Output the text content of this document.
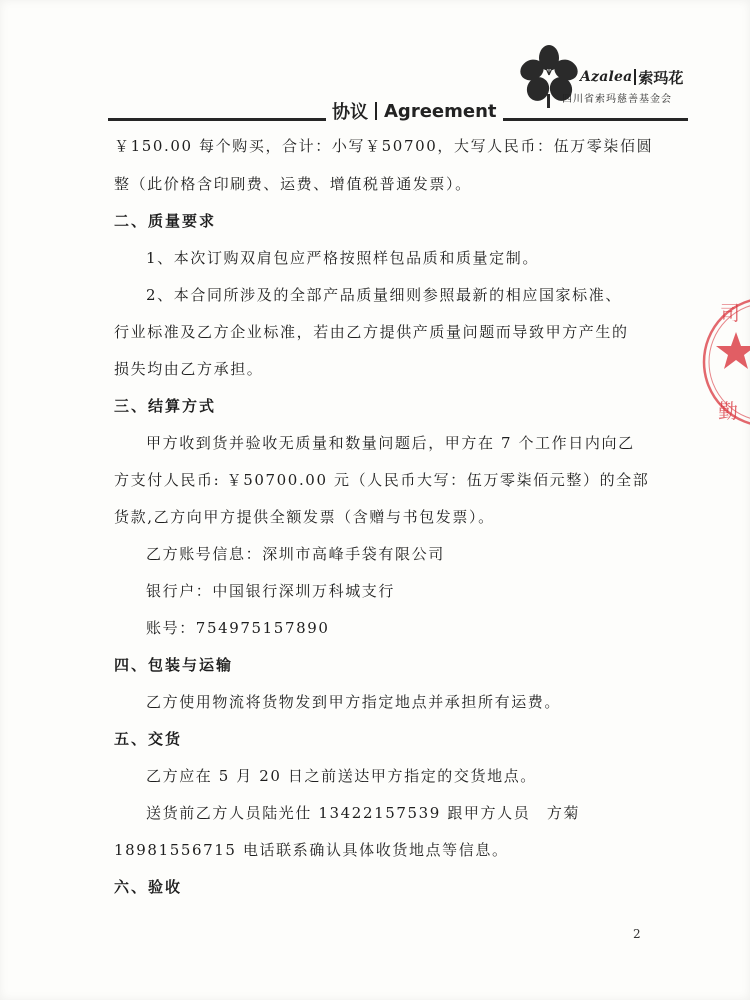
Azalea 索玛花
四川省索玛慈善基金会
协议 Agreement
￥150.00 每个购买，合计：小写￥50700，大写人民币：伍万零柒佰圆
整（此价格含印刷费、运费、增值税普通发票）。
二、质量要求
1、本次订购双肩包应严格按照样包品质和质量定制。
2、本合同所涉及的全部产品质量细则参照最新的相应国家标准、
行业标准及乙方企业标准，若由乙方提供产质量问题而导致甲方产生的
损失均由乙方承担。
三、结算方式
甲方收到货并验收无质量和数量问题后，甲方在 7 个工作日内向乙
方支付人民币: ￥50700.00 元（人民币大写：伍万零柒佰元整）的全部
货款,乙方向甲方提供全额发票（含赠与书包发票）。
乙方账号信息：深圳市高峰手袋有限公司
银行户：中国银行深圳万科城支行
账号：754975157890
四、包装与运输
乙方使用物流将货物发到甲方指定地点并承担所有运费。
五、交货
乙方应在 5 月 20 日之前送达甲方指定的交货地点。
送货前乙方人员陆光仕 13422157539 跟甲方人员　方菊
18981556715 电话联系确认具体收货地点等信息。
六、验收
2
司
勤
